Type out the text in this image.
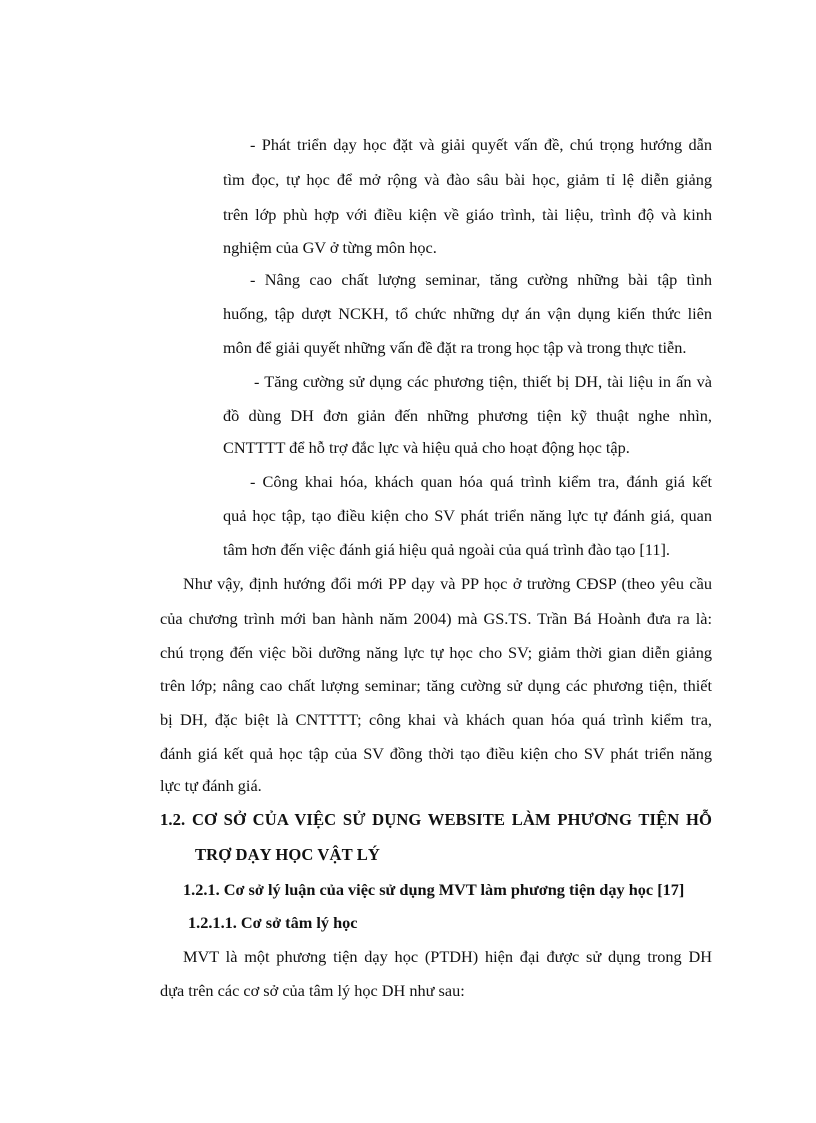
- Phát triển dạy học đặt và giải quyết vấn đề, chú trọng hướng dẫn
tìm đọc, tự học để mở rộng và đào sâu bài học, giảm tỉ lệ diễn giảng
trên lớp phù hợp với điều kiện về giáo trình, tài liệu, trình độ và kinh
nghiệm của GV ở từng môn học.
- Nâng cao chất lượng seminar, tăng cường những bài tập tình
huống, tập dượt NCKH, tổ chức những dự án vận dụng kiến thức liên
môn để giải quyết những vấn đề đặt ra trong học tập và trong thực tiễn.
- Tăng cường sử dụng các phương tiện, thiết bị DH, tài liệu in ấn và
đồ dùng DH đơn giản đến những phương tiện kỹ thuật nghe nhìn,
CNTTTT để hỗ trợ đắc lực và hiệu quả cho hoạt động học tập.
- Công khai hóa, khách quan hóa quá trình kiểm tra, đánh giá kết
quả học tập, tạo điều kiện cho SV phát triển năng lực tự đánh giá, quan
tâm hơn đến việc đánh giá hiệu quả ngoài của quá trình đào tạo [11].
Như vậy, định hướng đổi mới PP dạy và PP học ở trường CĐSP (theo yêu cầu
của chương trình mới ban hành năm 2004) mà GS.TS. Trần Bá Hoành đưa ra là:
chú trọng đến việc bồi dưỡng năng lực tự học cho SV; giảm thời gian diễn giảng
trên lớp; nâng cao chất lượng seminar; tăng cường sử dụng các phương tiện, thiết
bị DH, đặc biệt là CNTTTT; công khai và khách quan hóa quá trình kiểm tra,
đánh giá kết quả học tập của SV đồng thời tạo điều kiện cho SV phát triển năng
lực tự đánh giá.
1.2. CƠ SỞ CỦA VIỆC SỬ DỤNG WEBSITE LÀM PHƯƠNG TIỆN HỖ
TRỢ DẠY HỌC VẬT LÝ
1.2.1. Cơ sở lý luận của việc sử dụng MVT làm phương tiện dạy học [17]
1.2.1.1. Cơ sở tâm lý học
MVT là một phương tiện dạy học (PTDH) hiện đại được sử dụng trong DH
dựa trên các cơ sở của tâm lý học DH như sau:
